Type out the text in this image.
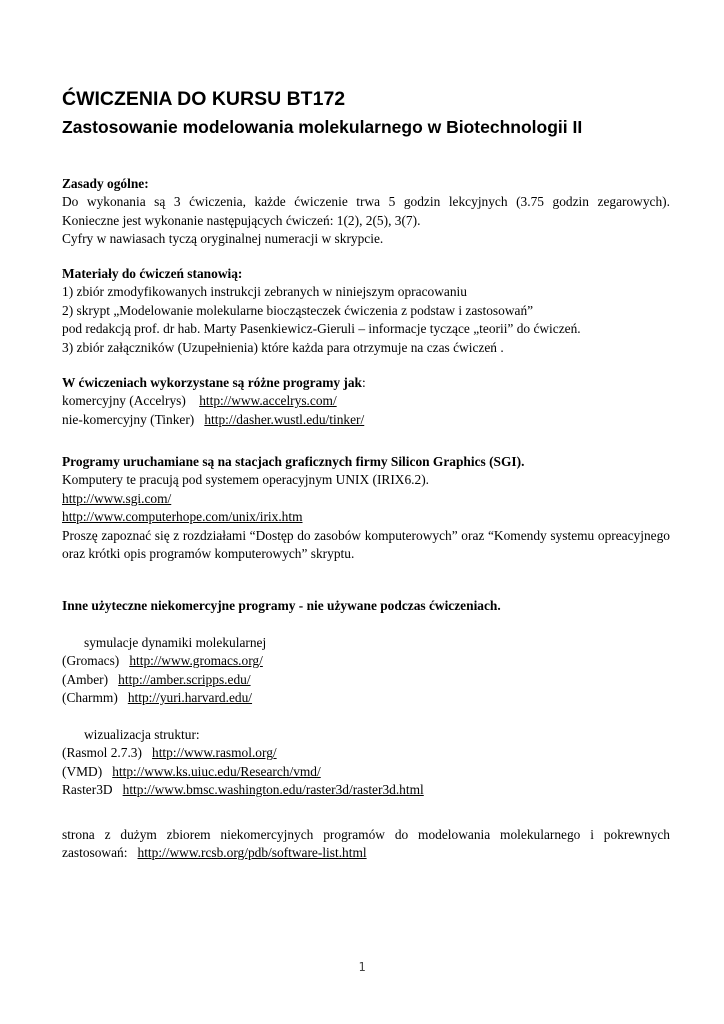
ĆWICZENIA DO KURSU BT172
Zastosowanie modelowania molekularnego w Biotechnologii II
Zasady ogólne:
Do wykonania są 3 ćwiczenia, każde ćwiczenie trwa 5 godzin lekcyjnych (3.75 godzin zegarowych).
Konieczne jest wykonanie następujących ćwiczeń: 1(2), 2(5), 3(7).
Cyfry w nawiasach tyczą oryginalnej numeracji w skrypcie.
Materiały do ćwiczeń stanowią:
1) zbiór zmodyfikowanych instrukcji zebranych w niniejszym opracowaniu
2) skrypt „Modelowanie molekularne biocząsteczek ćwiczenia z podstaw i zastosowań”
pod redakcją prof. dr hab. Marty Pasenkiewicz-Gieruli – informacje tyczące „teorii” do ćwiczeń.
3) zbiór załączników (Uzupełnienia) które każda para otrzymuje na czas ćwiczeń .
W ćwiczeniach wykorzystane są różne programy jak:
komercyjny (Accelrys) http://www.accelrys.com/
nie-komercyjny (Tinker) http://dasher.wustl.edu/tinker/
Programy uruchamiane są na stacjach graficznych firmy Silicon Graphics (SGI).
Komputery te pracują pod systemem operacyjnym UNIX (IRIX6.2).
http://www.sgi.com/
http://www.computerhope.com/unix/irix.htm
Proszę zapoznać się z rozdziałami “Dostęp do zasobów komputerowych” oraz “Komendy systemu opreacyjnego oraz krótki opis programów komputerowych” skryptu.
Inne użyteczne niekomercyjne programy - nie używane podczas ćwiczeniach.

symulacje dynamiki molekularnej
(Gromacs) http://www.gromacs.org/
(Amber) http://amber.scripps.edu/
(Charmm) http://yuri.harvard.edu/

wizualizacja struktur:
(Rasmol 2.7.3) http://www.rasmol.org/
(VMD) http://www.ks.uiuc.edu/Research/vmd/
Raster3D http://www.bmsc.washington.edu/raster3d/raster3d.html
strona z dużym zbiorem niekomercyjnych programów do modelowania molekularnego i pokrewnych
zastosowań: http://www.rcsb.org/pdb/software-list.html
1
